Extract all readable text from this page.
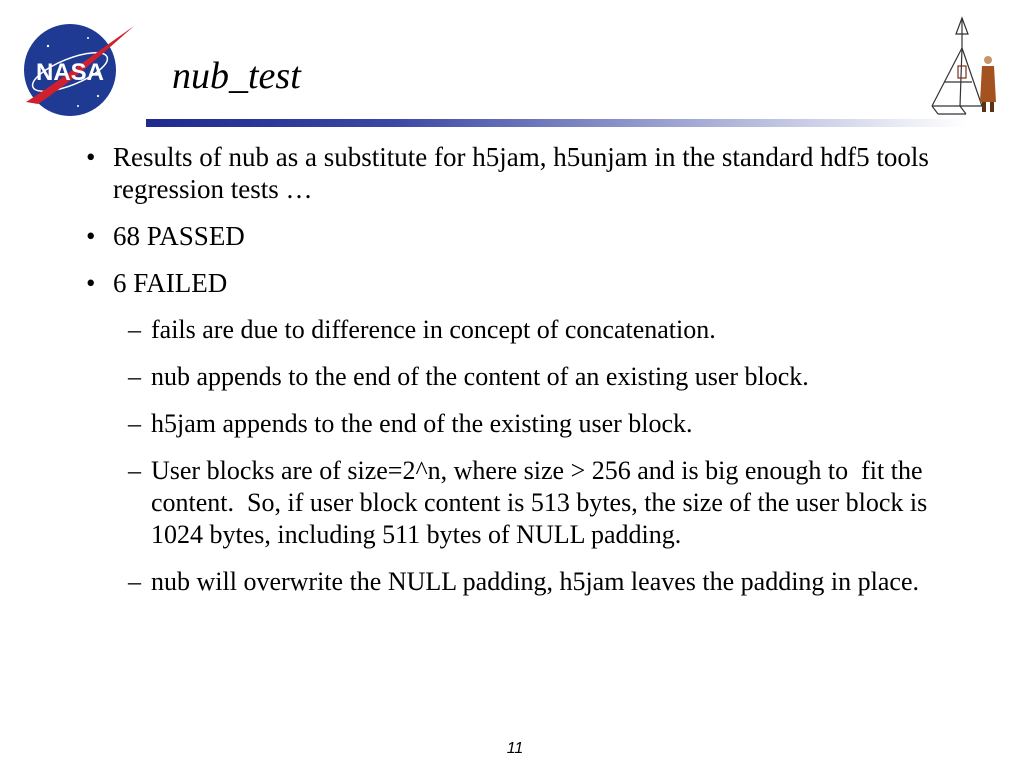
NASA nub_test
• Results of nub as a substitute for h5jam, h5unjam in the standard hdf5 tools regression tests …
• 68 PASSED
• 6 FAILED
– fails are due to difference in concept of concatenation.
– nub appends to the end of the content of an existing user block.
– h5jam appends to the end of the existing user block.
– User blocks are of size=2^n, where size > 256 and is big enough to  fit the content.  So, if user block content is 513 bytes, the size of the user block is 1024 bytes, including 511 bytes of NULL padding.
– nub will overwrite the NULL padding, h5jam leaves the padding in place.
11
